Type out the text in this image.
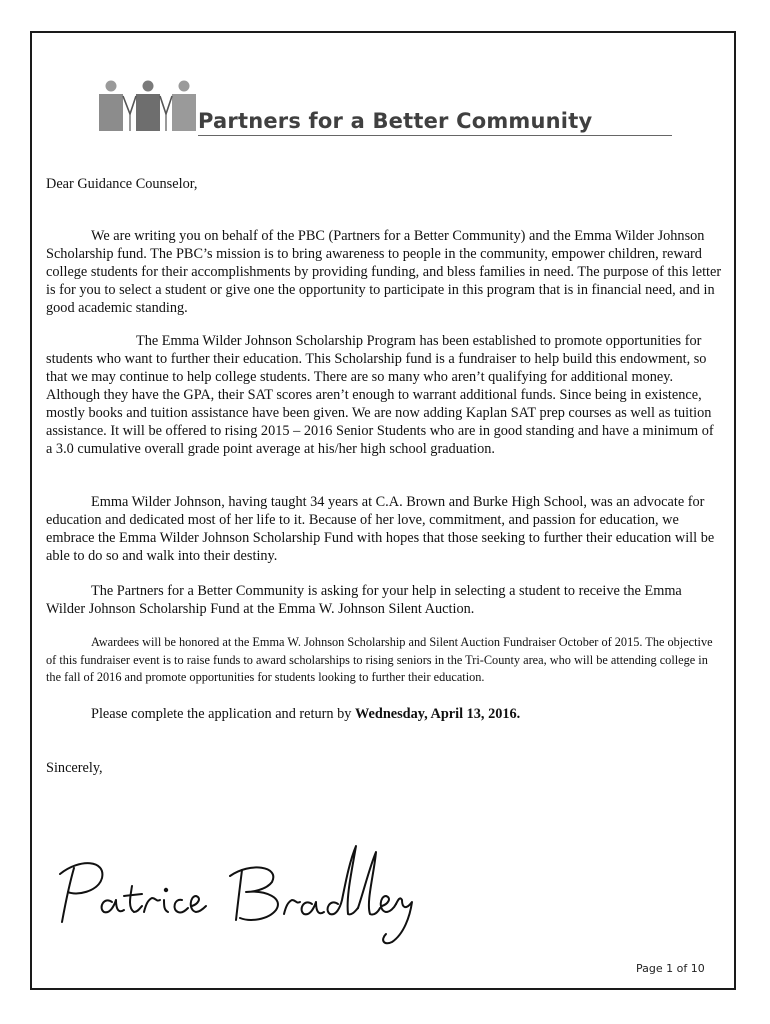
Partners for a Better Community

Dear Guidance Counselor,

We are writing you on behalf of the PBC (Partners for a Better Community) and the Emma Wilder Johnson Scholarship fund. The PBC’s mission is to bring awareness to people in the community, empower children, reward college students for their accomplishments by providing funding, and bless families in need. The purpose of this letter is for you to select a student or give one the opportunity to participate in this program that is in financial need, and in good academic standing.

The Emma Wilder Johnson Scholarship Program has been established to promote opportunities for students who want to further their education. This Scholarship fund is a fundraiser to help build this endowment, so that we may continue to help college students. There are so many who aren’t qualifying for additional money. Although they have the GPA, their SAT scores aren’t enough to warrant additional funds. Since being in existence, mostly books and tuition assistance have been given. We are now adding Kaplan SAT prep courses as well as tuition assistance. It will be offered to rising 2015 – 2016 Senior Students who are in good standing and have a minimum of a 3.0 cumulative overall grade point average at his/her high school graduation.

Emma Wilder Johnson, having taught 34 years at C.A. Brown and Burke High School, was an advocate for education and dedicated most of her life to it. Because of her love, commitment, and passion for education, we embrace the Emma Wilder Johnson Scholarship Fund with hopes that those seeking to further their education will be able to do so and walk into their destiny.

The Partners for a Better Community is asking for your help in selecting a student to receive the Emma Wilder Johnson Scholarship Fund at the Emma W. Johnson Silent Auction.

Awardees will be honored at the Emma W. Johnson Scholarship and Silent Auction Fundraiser October of 2015. The objective of this fundraiser event is to raise funds to award scholarships to rising seniors in the Tri-County area, who will be attending college in the fall of 2016 and promote opportunities for students looking to further their education.

Please complete the application and return by Wednesday, April 13, 2016.

Sincerely,

Page 1 of 10
